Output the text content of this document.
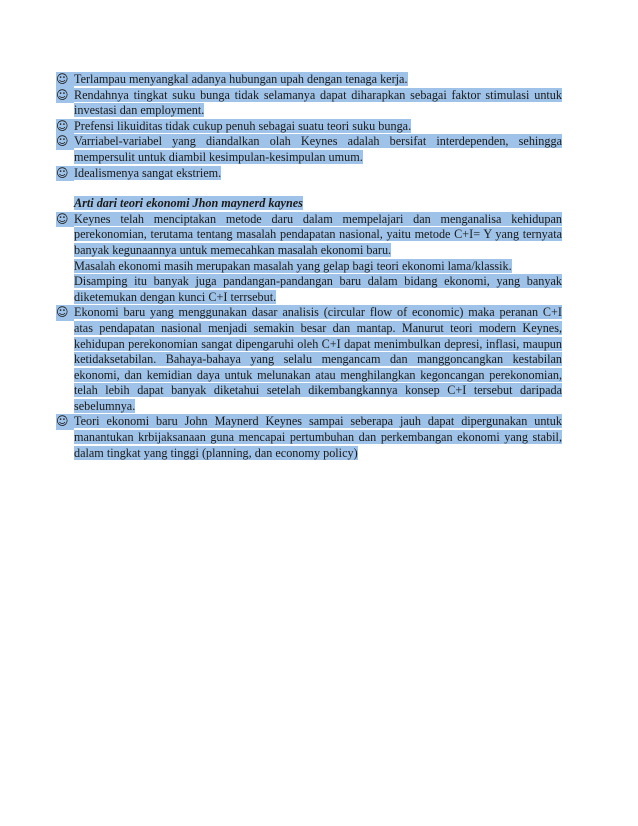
☺ Terlampau menyangkal adanya hubungan upah dengan tenaga kerja.
☺ Rendahnya tingkat suku bunga tidak selamanya dapat diharapkan sebagai faktor stimulasi untuk investasi dan employment.
☺ Prefensi likuiditas tidak cukup penuh sebagai suatu teori suku bunga.
☺ Varriabel-variabel yang diandalkan olah Keynes adalah bersifat interdependen, sehingga mempersulit untuk diambil kesimpulan-kesimpulan umum.
☺ Idealismenya sangat ekstriem.
Arti dari teori ekonomi Jhon maynerd kaynes
☺ Keynes telah menciptakan metode daru dalam mempelajari dan menganalisa kehidupan perekonomian, terutama tentang masalah pendapatan nasional, yaitu metode C+I= Y yang ternyata banyak kegunaannya untuk memecahkan masalah ekonomi baru.
Masalah ekonomi masih merupakan masalah yang gelap bagi teori ekonomi lama/klassik.
Disamping itu banyak juga pandangan-pandangan baru dalam bidang ekonomi, yang banyak diketemukan dengan kunci C+I terrsebut.
☺ Ekonomi baru yang menggunakan dasar analisis (circular flow of economic) maka peranan C+I atas pendapatan nasional menjadi semakin besar dan mantap. Manurut teori modern Keynes, kehidupan perekonomian sangat dipengaruhi oleh C+I dapat menimbulkan depresi, inflasi, maupun ketidaksetabilan. Bahaya-bahaya yang selalu mengancam dan manggoncangkan kestabilan ekonomi, dan kemidian daya untuk melunakan atau menghilangkan kegoncangan perekonomian, telah lebih dapat banyak diketahui setelah dikembangkannya konsep C+I tersebut daripada sebelumnya.
☺ Teori ekonomi baru John Maynerd Keynes sampai seberapa jauh dapat dipergunakan untuk manantukan krbijaksanaan guna mencapai pertumbuhan dan perkembangan ekonomi yang stabil, dalam tingkat yang tinggi (planning, dan economy policy)
